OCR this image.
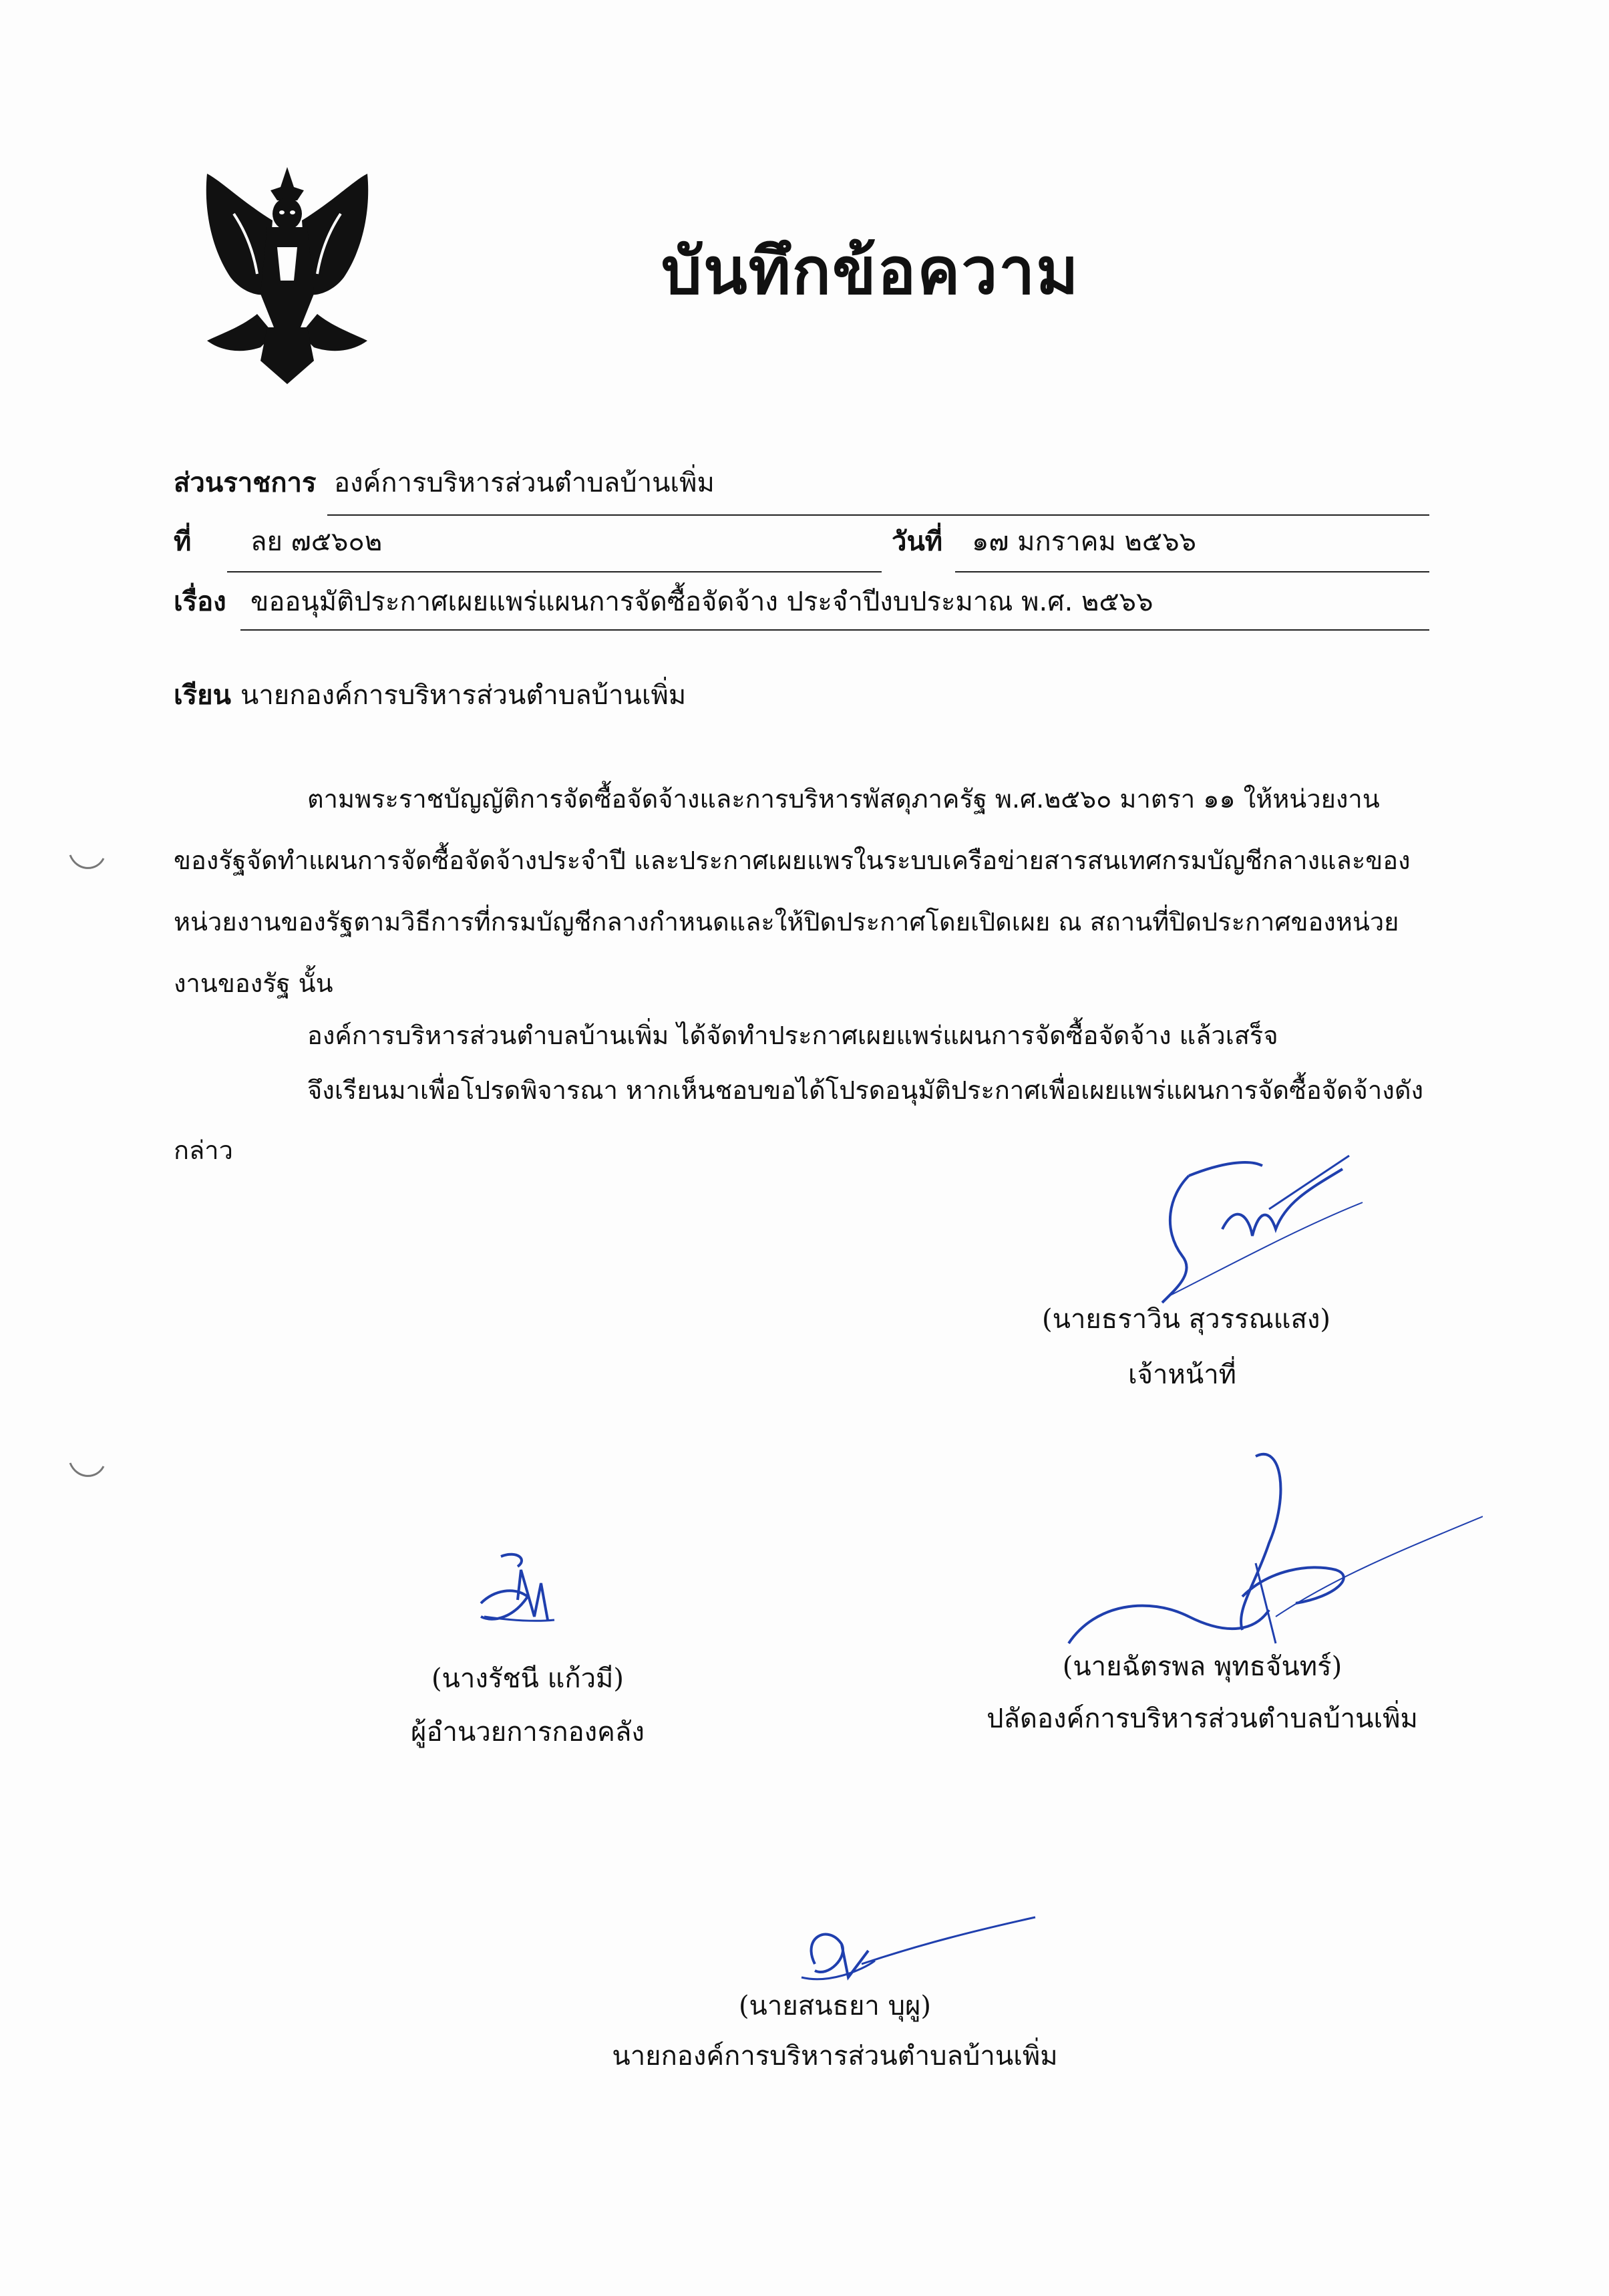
บันทึกข้อความ
ส่วนราชการ องค์การบริหารส่วนตำบลบ้านเพิ่ม
ที่ ลย ๗๕๖๐๒	วันที่ ๑๗ มกราคม ๒๕๖๖
เรื่อง ขออนุมัติประกาศเผยแพร่แผนการจัดซื้อจัดจ้าง ประจำปีงบประมาณ พ.ศ. ๒๕๖๖
เรียน นายกองค์การบริหารส่วนตำบลบ้านเพิ่ม
ตามพระราชบัญญัติการจัดซื้อจัดจ้างและการบริหารพัสดุภาครัฐ พ.ศ.๒๕๖๐ มาตรา ๑๑ ให้หน่วยงาน
ของรัฐจัดทำแผนการจัดซื้อจัดจ้างประจำปี และประกาศเผยแพรในระบบเครือข่ายสารสนเทศกรมบัญชีกลางและของ
หน่วยงานของรัฐตามวิธีการที่กรมบัญชีกลางกำหนดและให้ปิดประกาศโดยเปิดเผย ณ สถานที่ปิดประกาศของหน่วย
งานของรัฐ นั้น
องค์การบริหารส่วนตำบลบ้านเพิ่ม ได้จัดทำประกาศเผยแพร่แผนการจัดซื้อจัดจ้าง แล้วเสร็จ
จึงเรียนมาเพื่อโปรดพิจารณา หากเห็นชอบขอได้โปรดอนุมัติประกาศเพื่อเผยแพร่แผนการจัดซื้อจัดจ้างดัง
กล่าว
(นายธราวิน สุวรรณแสง)
เจ้าหน้าที่
(นางรัชนี แก้วมี)
ผู้อำนวยการกองคลัง
(นายฉัตรพล พุทธจันทร์)
ปลัดองค์การบริหารส่วนตำบลบ้านเพิ่ม
(นายสนธยา บุผู)
นายกองค์การบริหารส่วนตำบลบ้านเพิ่ม
